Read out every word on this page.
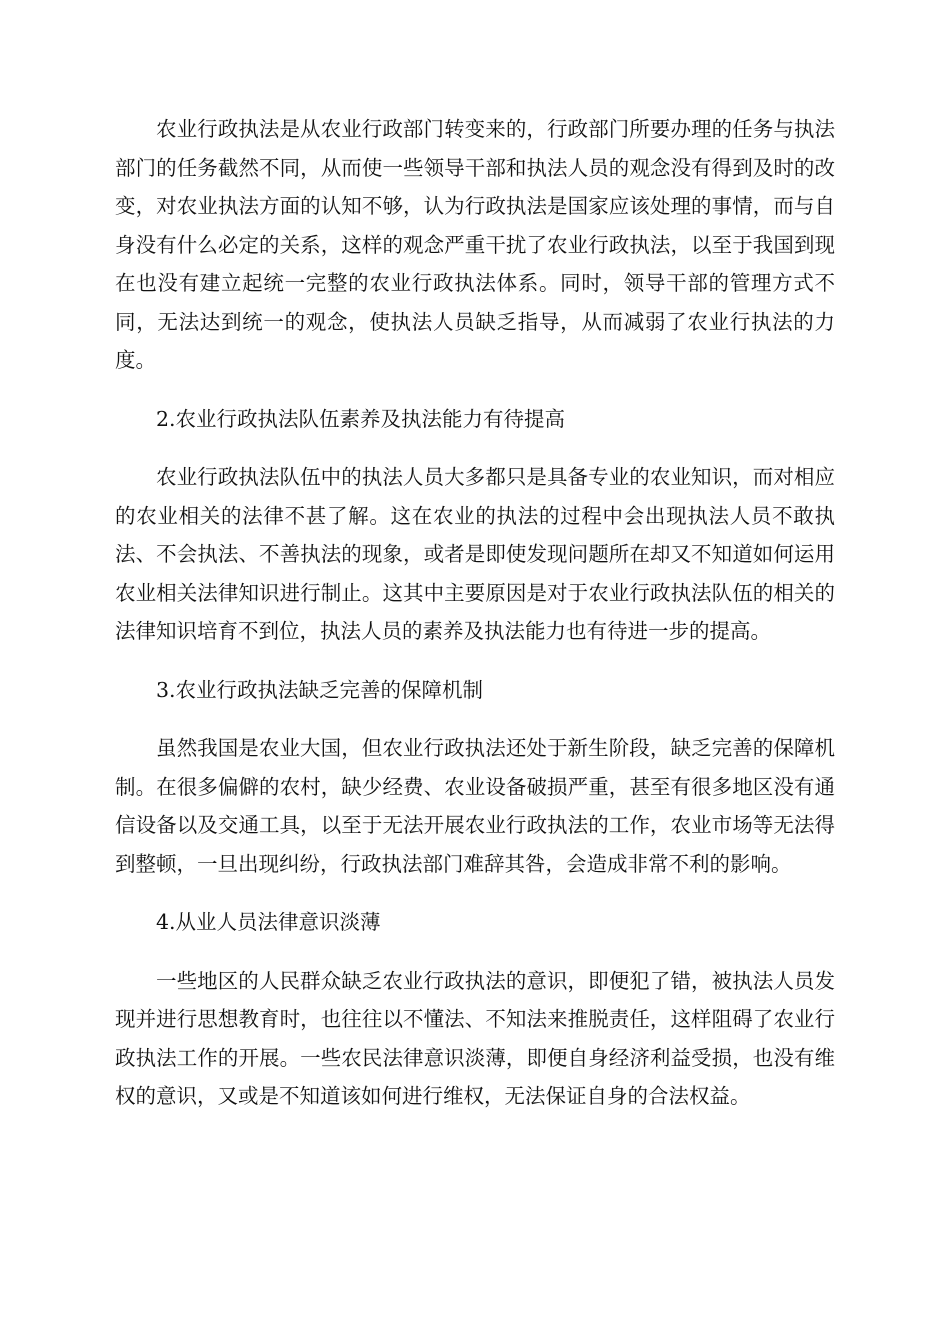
农业行政执法是从农业行政部门转变来的，行政部门所要办理的任务与执法部门的任务截然不同，从而使一些领导干部和执法人员的观念没有得到及时的改变，对农业执法方面的认知不够，认为行政执法是国家应该处理的事情，而与自身没有什么必定的关系，这样的观念严重干扰了农业行政执法，以至于我国到现在也没有建立起统一完整的农业行政执法体系。同时，领导干部的管理方式不同，无法达到统一的观念，使执法人员缺乏指导，从而减弱了农业行执法的力度。

2.农业行政执法队伍素养及执法能力有待提高

农业行政执法队伍中的执法人员大多都只是具备专业的农业知识，而对相应的农业相关的法律不甚了解。这在农业的执法的过程中会出现执法人员不敢执法、不会执法、不善执法的现象，或者是即使发现问题所在却又不知道如何运用农业相关法律知识进行制止。这其中主要原因是对于农业行政执法队伍的相关的法律知识培育不到位，执法人员的素养及执法能力也有待进一步的提高。

3.农业行政执法缺乏完善的保障机制

虽然我国是农业大国，但农业行政执法还处于新生阶段，缺乏完善的保障机制。在很多偏僻的农村，缺少经费、农业设备破损严重，甚至有很多地区没有通信设备以及交通工具，以至于无法开展农业行政执法的工作，农业市场等无法得到整顿，一旦出现纠纷，行政执法部门难辞其咎，会造成非常不利的影响。

4.从业人员法律意识淡薄

一些地区的人民群众缺乏农业行政执法的意识，即便犯了错，被执法人员发现并进行思想教育时，也往往以不懂法、不知法来推脱责任，这样阻碍了农业行政执法工作的开展。一些农民法律意识淡薄，即便自身经济利益受损，也没有维权的意识，又或是不知道该如何进行维权，无法保证自身的合法权益。
